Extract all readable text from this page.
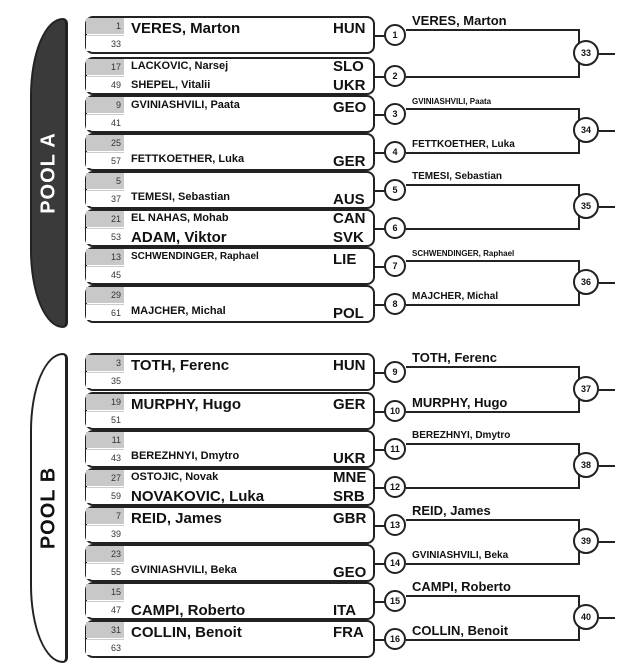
POOL A
1
33
VERES, Marton	HUN
17
49
LACKOVIC, Narsej	SLO
SHEPEL, Vitalii	UKR
9
41
GVINIASHVILI, Paata	GEO
25
57 FETTKOETHER, Luka	GER
5
37 TEMESI, Sebastian	AUS
21
53
EL NAHAS, Mohab	CAN
ADAM, Viktor	SVK
13
45
SCHWENDINGER, Raphael	LIE
29
61 MAJCHER, Michal	POL
POOL B
3
35
TOTH, Ferenc	HUN
19
51
MURPHY, Hugo	GER
11
43 BEREZHNYI, Dmytro	UKR
27
59
OSTOJIC, Novak	MNE
NOVAKOVIC, Luka	SRB
7
39
REID, James	GBR
23
55 GVINIASHVILI, Beka	GEO
15
47 CAMPI, Roberto	ITA
31
63
COLLIN, Benoit	FRA
1
VERES, Marton
2
3
GVINIASHVILI, Paata
4
FETTKOETHER, Luka
5
TEMESI, Sebastian
6
7
SCHWENDINGER, Raphael
8
MAJCHER, Michal
9
TOTH, Ferenc
10
MURPHY, Hugo
11
BEREZHNYI, Dmytro
12
13
REID, James
14
GVINIASHVILI, Beka
15
CAMPI, Roberto
16
COLLIN, Benoit
33
34
35
36
37
38
39
40
